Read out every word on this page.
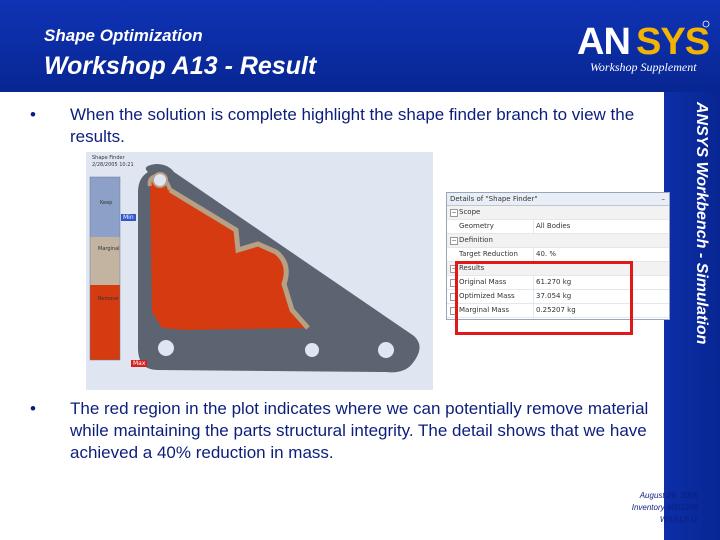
Shape Optimization
Workshop A13 - Result
AN SYS
Workshop Supplement
ANSYS Workbench - Simulation
•	When the solution is complete highlight the shape finder branch to view the results.
Shape Finder
2/28/2005 10:21
Keep
Marginal
Remove
Min
Max
Details of "Shape Finder"	–
− Scope
Geometry	All Bodies
− Definition
Target Reduction	40. %
− Results
Original Mass	61.270 kg
Optimized Mass	37.054 kg
Marginal Mass	0.25207 kg
•	The red region in the plot indicates where we can potentially remove material while maintaining the parts structural integrity. The detail shows that we have achieved a 40% reduction in mass.
August 26, 2005
Inventory #002266
WSA13-11
